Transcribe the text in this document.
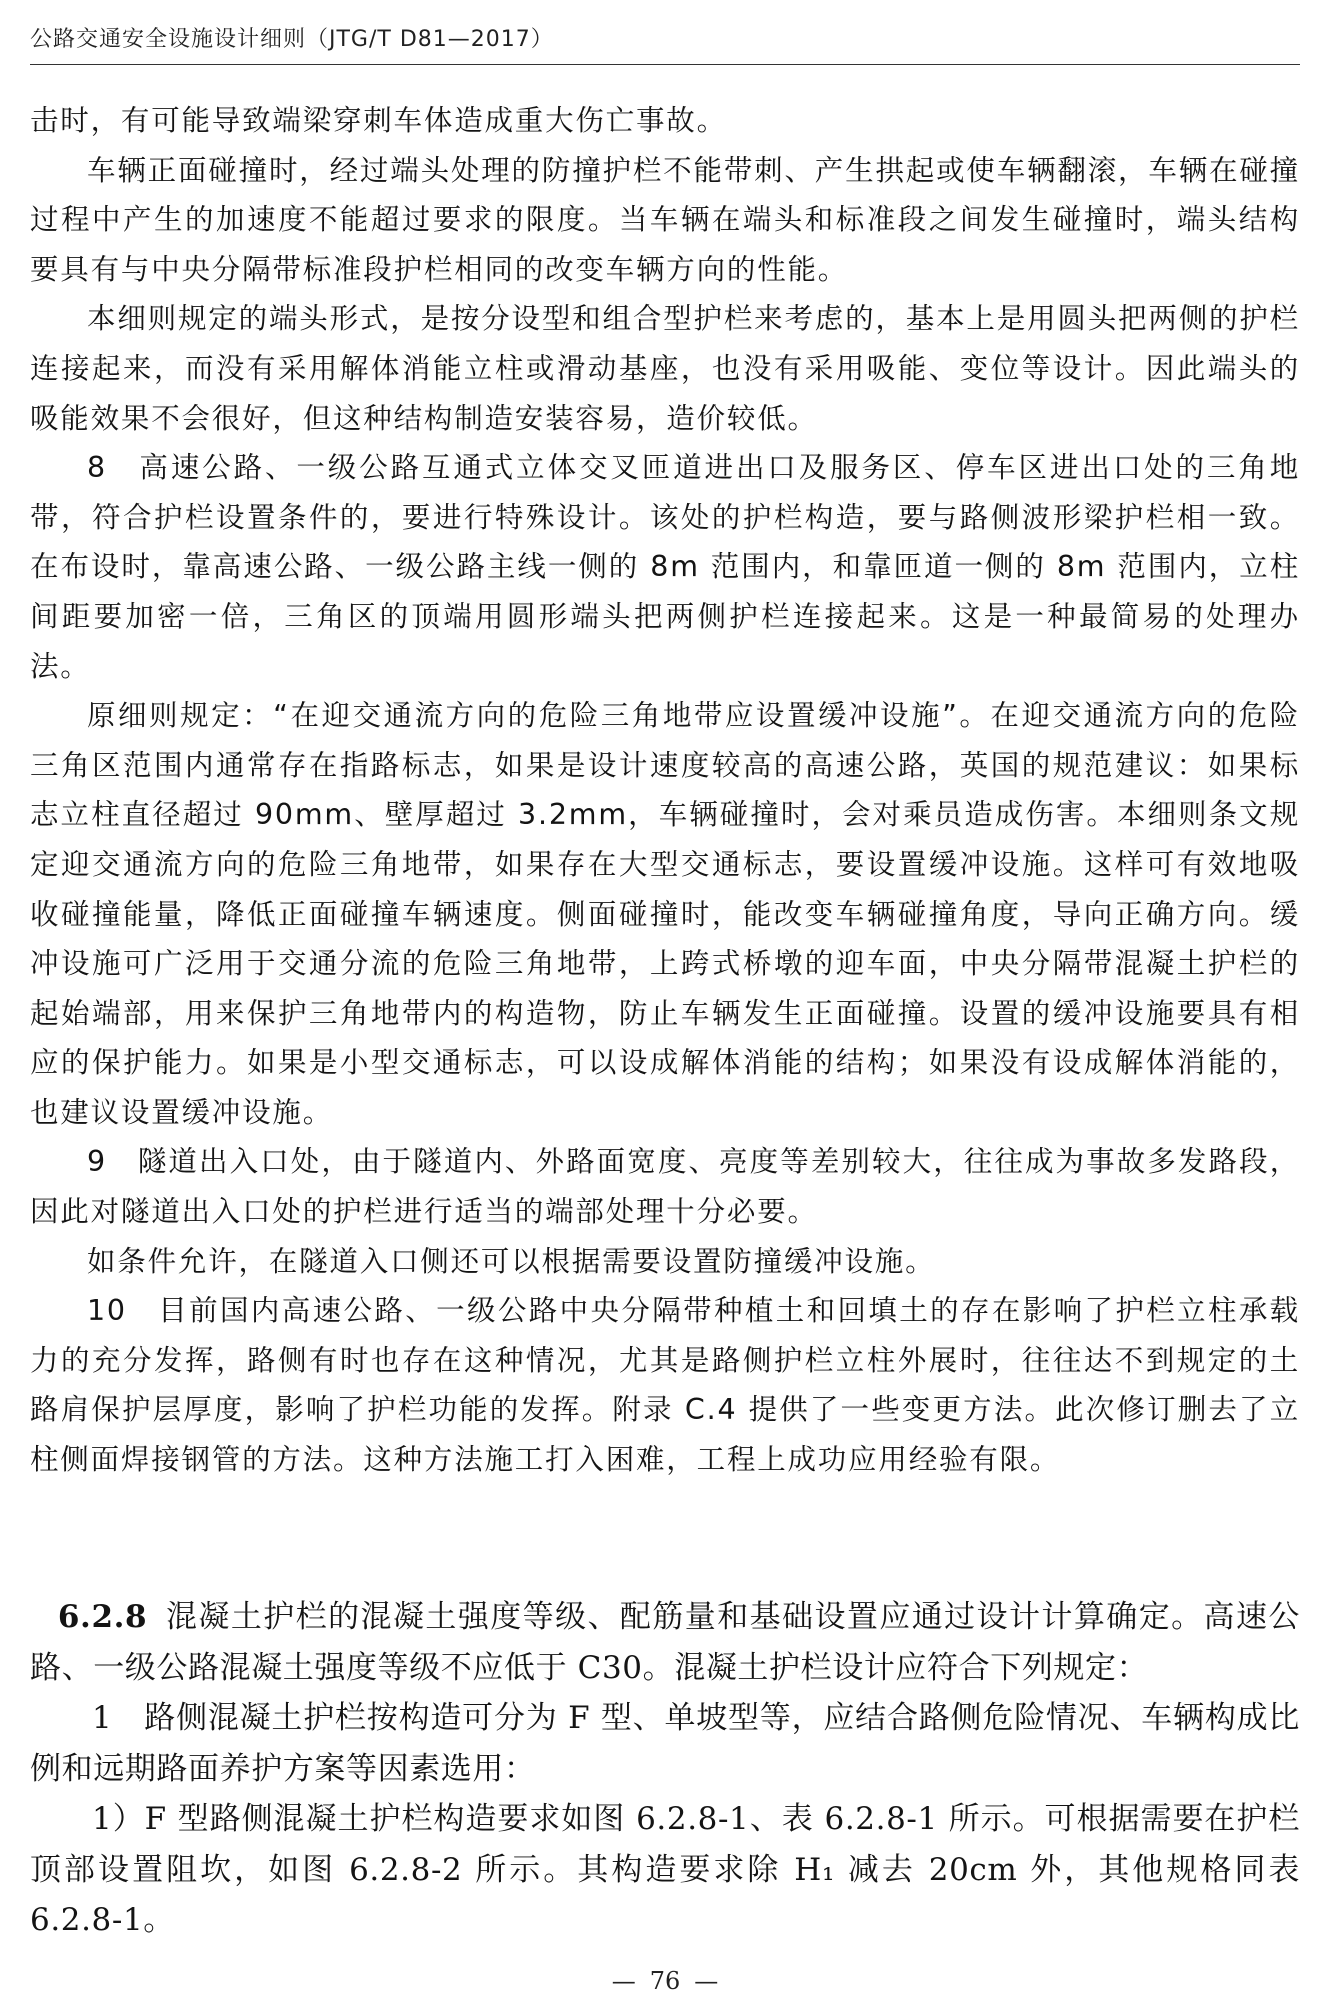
公路交通安全设施设计细则（JTG/T D81—2017）

击时，有可能导致端梁穿刺车体造成重大伤亡事故。

车辆正面碰撞时，经过端头处理的防撞护栏不能带刺、产生拱起或使车辆翻滚，车辆在碰撞过程中产生的加速度不能超过要求的限度。当车辆在端头和标准段之间发生碰撞时，端头结构要具有与中央分隔带标准段护栏相同的改变车辆方向的性能。

本细则规定的端头形式，是按分设型和组合型护栏来考虑的，基本上是用圆头把两侧的护栏连接起来，而没有采用解体消能立柱或滑动基座，也没有采用吸能、变位等设计。因此端头的吸能效果不会很好，但这种结构制造安装容易，造价较低。

8　高速公路、一级公路互通式立体交叉匝道进出口及服务区、停车区进出口处的三角地带，符合护栏设置条件的，要进行特殊设计。该处的护栏构造，要与路侧波形梁护栏相一致。在布设时，靠高速公路、一级公路主线一侧的 8m 范围内，和靠匝道一侧的 8m 范围内，立柱间距要加密一倍，三角区的顶端用圆形端头把两侧护栏连接起来。这是一种最简易的处理办法。

原细则规定：“在迎交通流方向的危险三角地带应设置缓冲设施”。在迎交通流方向的危险三角区范围内通常存在指路标志，如果是设计速度较高的高速公路，英国的规范建议：如果标志立柱直径超过 90mm、壁厚超过 3.2mm，车辆碰撞时，会对乘员造成伤害。本细则条文规定迎交通流方向的危险三角地带，如果存在大型交通标志，要设置缓冲设施。这样可有效地吸收碰撞能量，降低正面碰撞车辆速度。侧面碰撞时，能改变车辆碰撞角度，导向正确方向。缓冲设施可广泛用于交通分流的危险三角地带，上跨式桥墩的迎车面，中央分隔带混凝土护栏的起始端部，用来保护三角地带内的构造物，防止车辆发生正面碰撞。设置的缓冲设施要具有相应的保护能力。如果是小型交通标志，可以设成解体消能的结构；如果没有设成解体消能的，也建议设置缓冲设施。

9　隧道出入口处，由于隧道内、外路面宽度、亮度等差别较大，往往成为事故多发路段，因此对隧道出入口处的护栏进行适当的端部处理十分必要。

如条件允许，在隧道入口侧还可以根据需要设置防撞缓冲设施。

10　目前国内高速公路、一级公路中央分隔带种植土和回填土的存在影响了护栏立柱承载力的充分发挥，路侧有时也存在这种情况，尤其是路侧护栏立柱外展时，往往达不到规定的土路肩保护层厚度，影响了护栏功能的发挥。附录 C.4 提供了一些变更方法。此次修订删去了立柱侧面焊接钢管的方法。这种方法施工打入困难，工程上成功应用经验有限。

6.2.8 混凝土护栏的混凝土强度等级、配筋量和基础设置应通过设计计算确定。高速公路、一级公路混凝土强度等级不应低于 C30。混凝土护栏设计应符合下列规定：

1　路侧混凝土护栏按构造可分为 F 型、单坡型等，应结合路侧危险情况、车辆构成比例和远期路面养护方案等因素选用：

1）F 型路侧混凝土护栏构造要求如图 6.2.8-1、表 6.2.8-1 所示。可根据需要在护栏顶部设置阻坎，如图 6.2.8-2 所示。其构造要求除 H₁ 减去 20cm 外，其他规格同表 6.2.8-1。

— 76 —
